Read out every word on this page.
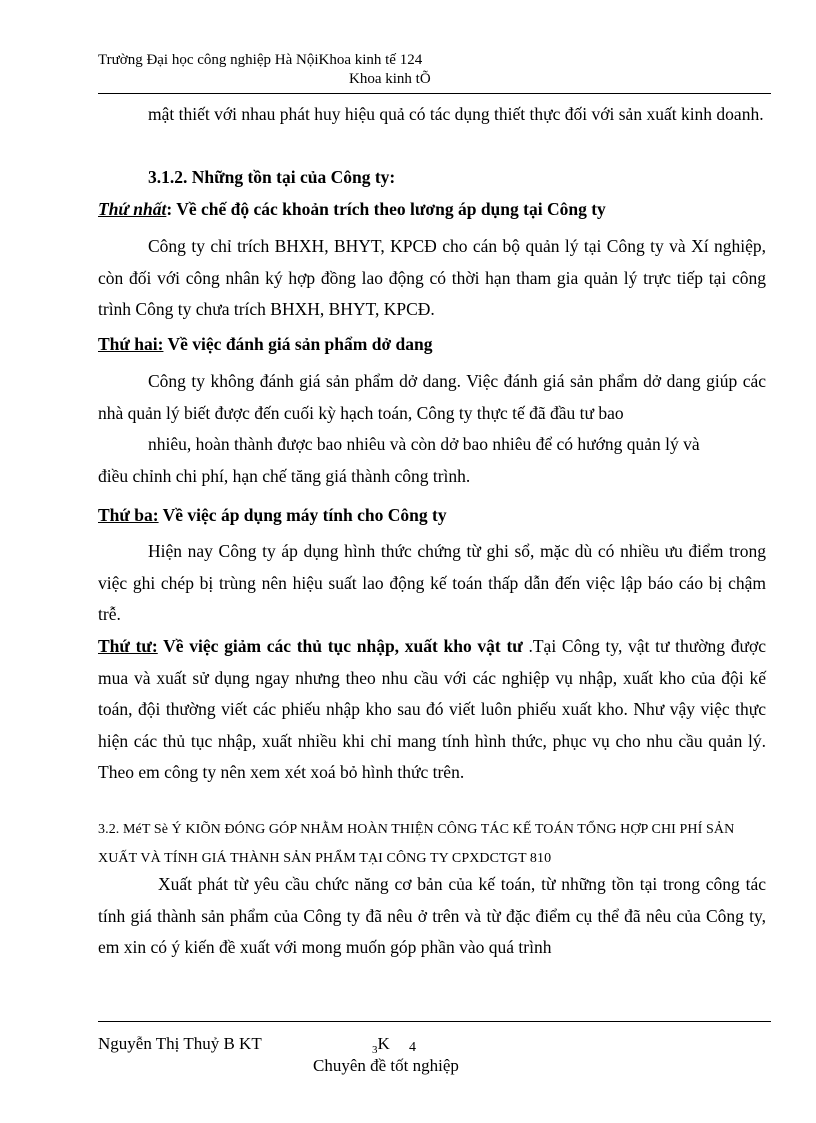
Trường Đại học công nghiệp Hà NộiKhoa kinh tế 124
Khoa kinh tÕ
mật thiết với nhau phát huy hiệu quả có tác dụng thiết thực đối với sản xuất kinh doanh.
3.1.2. Những tồn tại của Công ty:
Thứ nhất: Về chế độ các khoản trích theo lương áp dụng tại Công ty
Công ty chỉ trích BHXH, BHYT, KPCĐ cho cán bộ quản lý tại Công ty và Xí nghiệp, còn đối với công nhân ký hợp đồng lao động có thời hạn tham gia quản lý trực tiếp tại công trình Công ty chưa trích BHXH, BHYT, KPCĐ.
Thứ hai: Về việc đánh giá sản phẩm dở dang
Công ty không đánh giá sản phẩm dở dang. Việc đánh giá sản phẩm dở dang giúp các nhà quản lý biết được đến cuối kỳ hạch toán, Công ty thực tế đã đầu tư bao
nhiêu, hoàn thành được bao nhiêu và còn dở bao nhiêu để có hướng quản lý và
điều chỉnh chi phí, hạn chế tăng giá thành công trình.
Thứ ba: Về việc áp dụng máy tính cho Công ty
Hiện nay Công ty áp dụng hình thức chứng từ ghi sổ, mặc dù có nhiều ưu điểm trong việc ghi chép bị trùng nên hiệu suất lao động kế toán thấp dẫn đến việc lập báo cáo bị chậm trễ.
Thứ tư: Về việc giảm các thủ tục nhập, xuất kho vật tư .Tại Công ty, vật tư thường được mua và xuất sử dụng ngay nhưng theo nhu cầu với các nghiệp vụ nhập, xuất kho của đội kế toán, đội thường viết các phiếu nhập kho sau đó viết luôn phiếu xuất kho. Như vậy việc thực hiện các thủ tục nhập, xuất nhiều khi chỉ mang tính hình thức, phục vụ cho nhu cầu quản lý. Theo em công ty nên xem xét xoá bỏ hình thức trên.
3.2. MéT Sè Ý KIÕN ĐÓNG GÓP NHẰM HOÀN THIỆN CÔNG TÁC KẾ TOÁN TỔNG HỢP CHI PHÍ SẢN XUẤT VÀ TÍNH GIÁ THÀNH SẢN PHẨM TẠI CÔNG TY CPXDCTGT 810
Xuất phát từ yêu cầu chức năng cơ bản của kế toán, từ những tồn tại trong công tác tính giá thành sản phẩm của Công ty đã nêu ở trên và từ đặc điểm cụ thể đã nêu của Công ty, em xin có ý kiến đề xuất với mong muốn góp phần vào quá trình
Nguyễn Thị Thuỷ B KT	$_3$K 4
Chuyên đề tốt nghiệp
